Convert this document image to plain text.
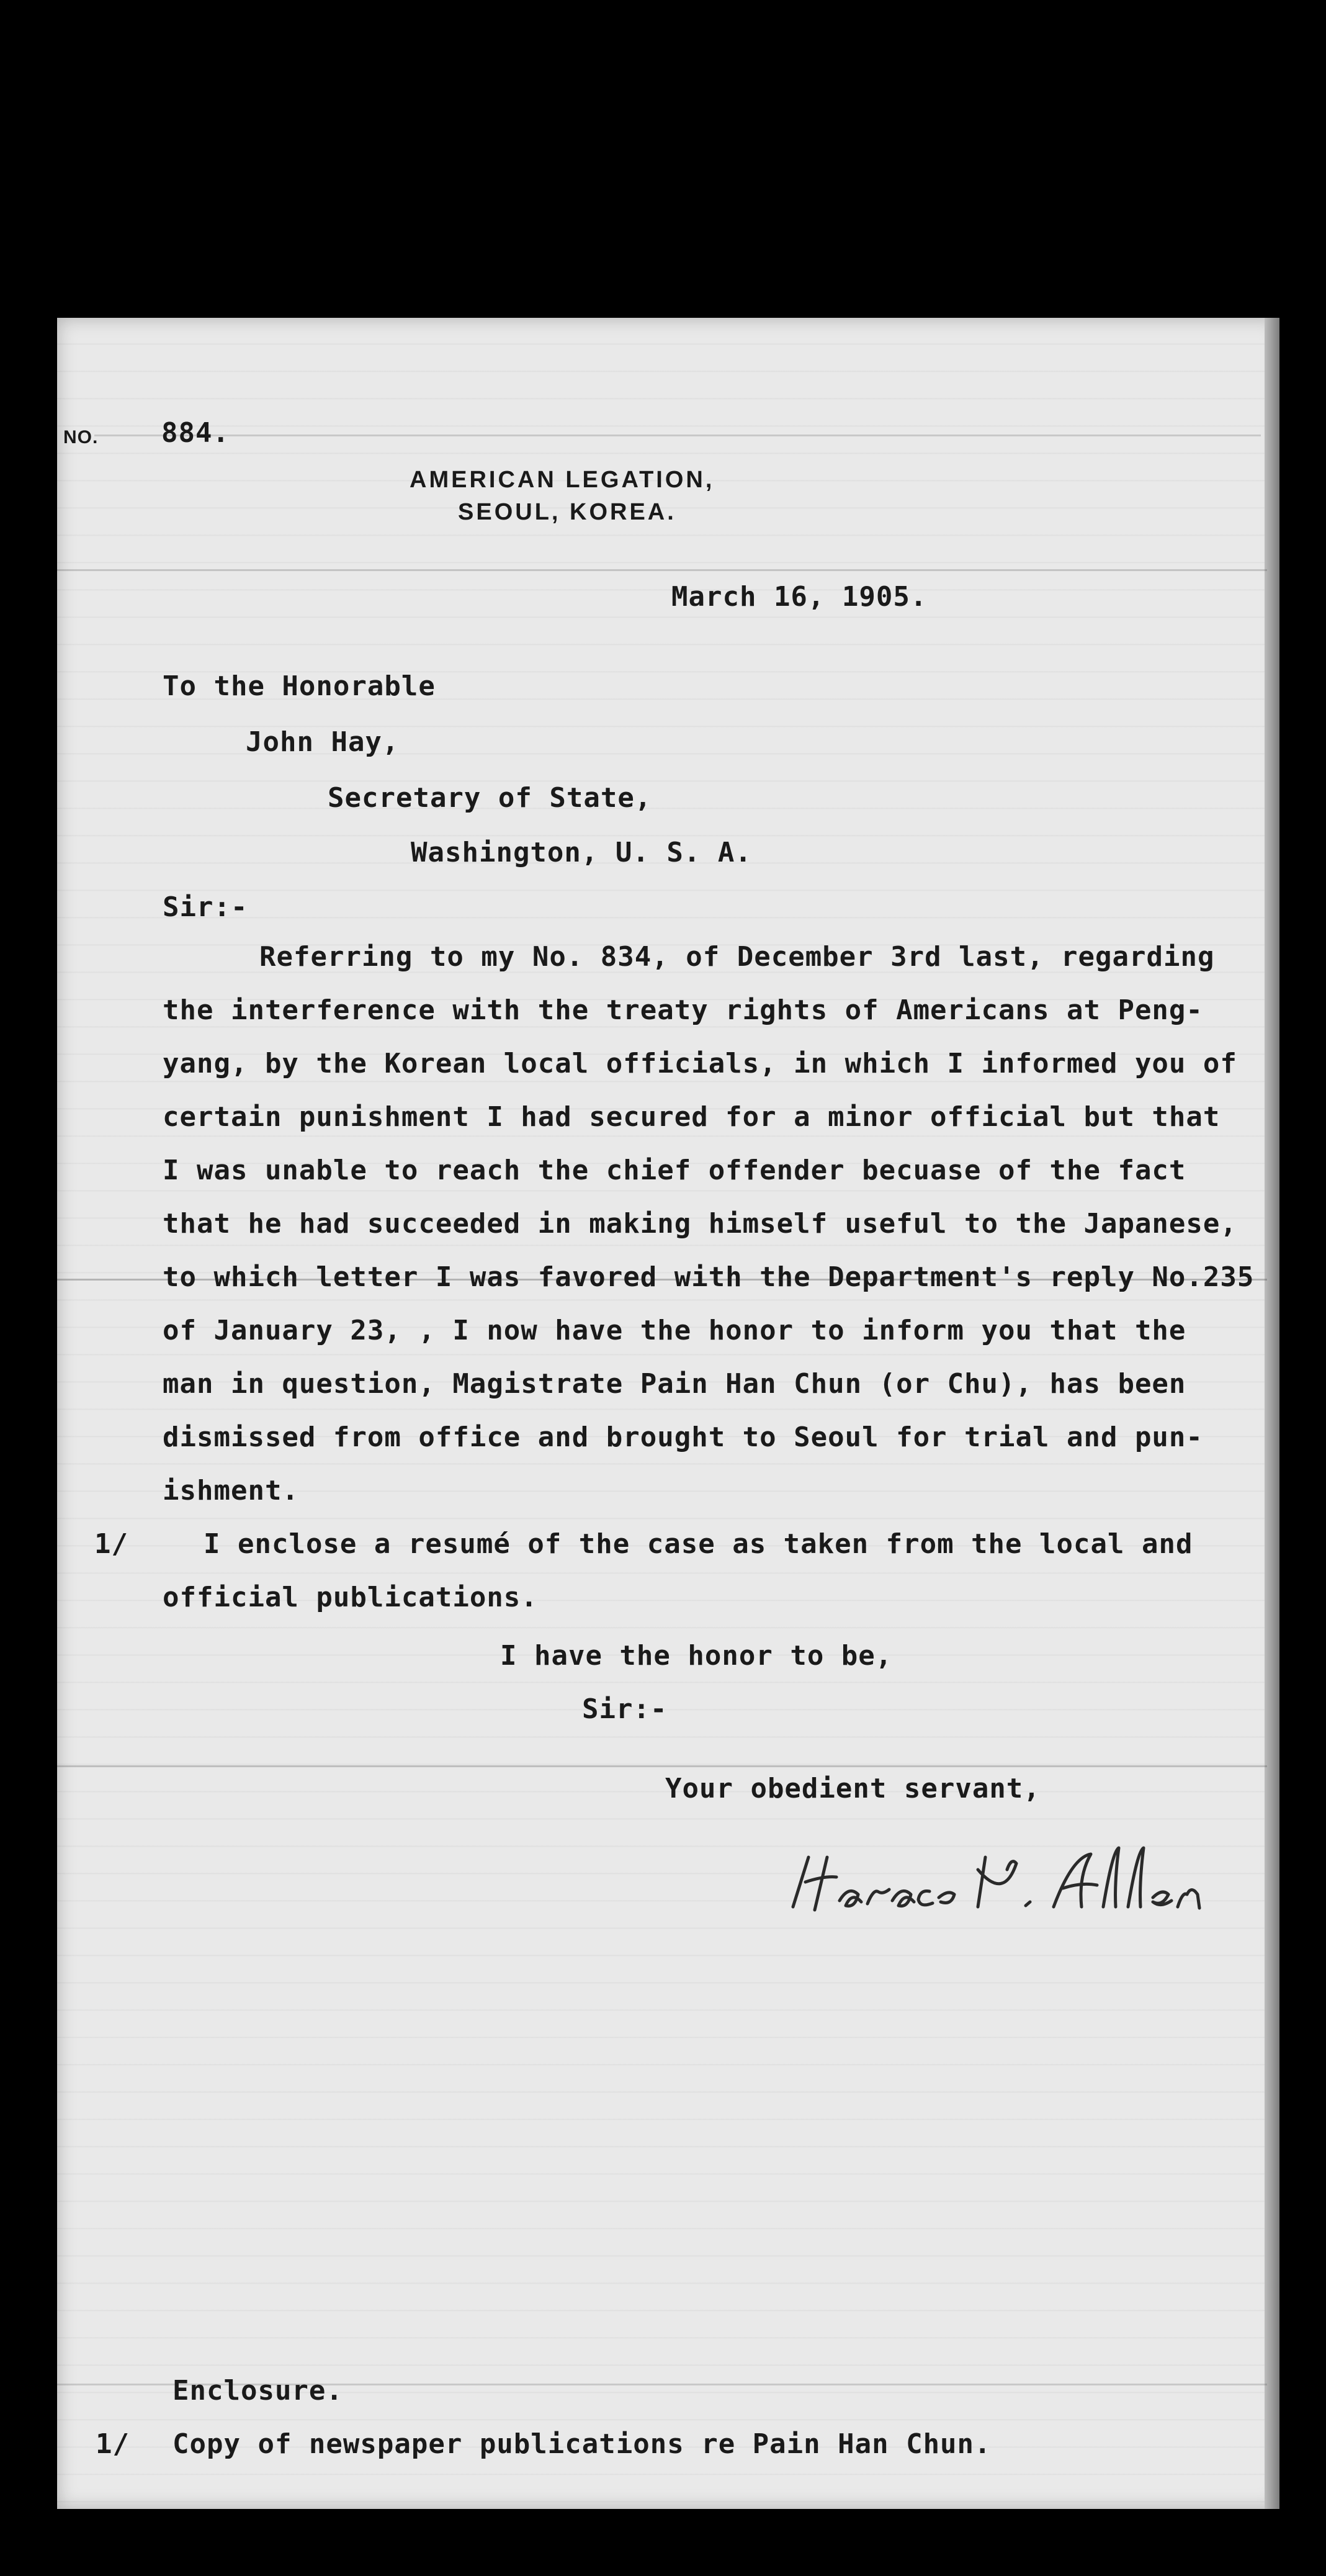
NO. 884.
AMERICAN LEGATION,
SEOUL, KOREA.
March 16, 1905.
To the Honorable
John Hay,
Secretary of State,
Washington, U. S. A.
Sir:-
Referring to my No. 834, of December 3rd last, regarding
the interference with the treaty rights of Americans at Peng-
yang, by the Korean local officials, in which I informed you of
certain punishment I had secured for a minor official but that
I was unable to reach the chief offender becuase of the fact
that he had succeeded in making himself useful to the Japanese,
to which letter I was favored with the Department's reply No.235
of January 23, , I now have the honor to inform you that the
man in question, Magistrate Pain Han Chun (or Chu), has been
dismissed from office and brought to Seoul for trial and pun-
ishment.
1/	I enclose a resumé of the case as taken from the local and
official publications.
I have the honor to be,
Sir:-
Your obedient servant,
Enclosure.
1/ Copy of newspaper publications re Pain Han Chun.
